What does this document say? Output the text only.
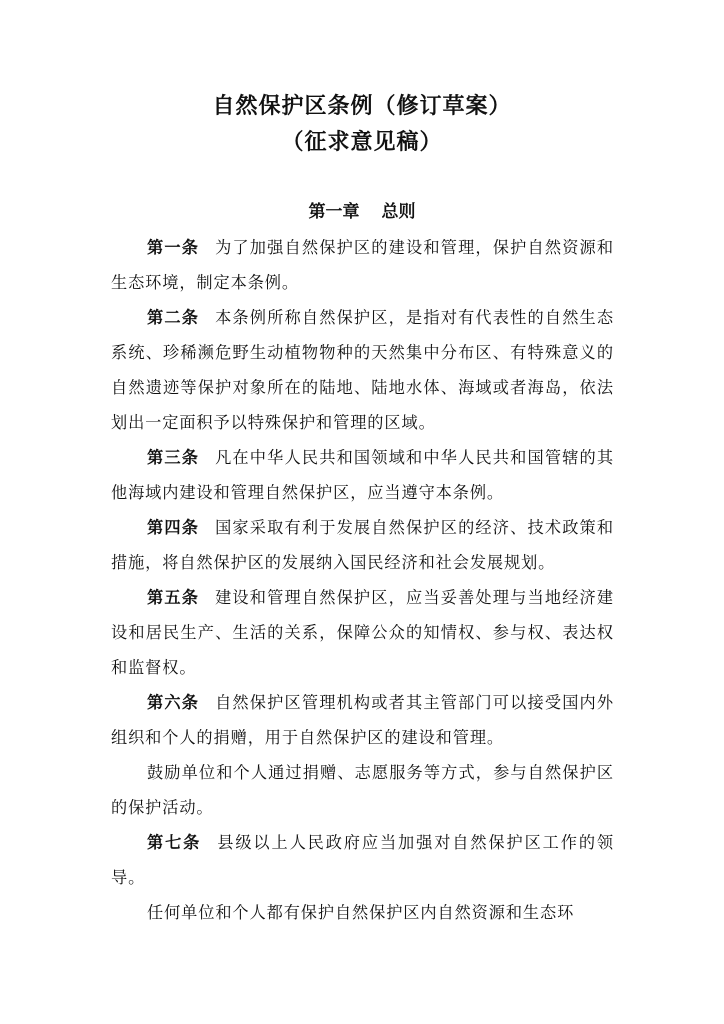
自然保护区条例（修订草案）
（征求意见稿）
第一章 总则

第一条 为了加强自然保护区的建设和管理，保护自然资源和生态环境，制定本条例。

第二条 本条例所称自然保护区，是指对有代表性的自然生态系统、珍稀濒危野生动植物物种的天然集中分布区、有特殊意义的自然遗迹等保护对象所在的陆地、陆地水体、海域或者海岛，依法划出一定面积予以特殊保护和管理的区域。

第三条 凡在中华人民共和国领域和中华人民共和国管辖的其他海域内建设和管理自然保护区，应当遵守本条例。

第四条 国家采取有利于发展自然保护区的经济、技术政策和措施，将自然保护区的发展纳入国民经济和社会发展规划。

第五条 建设和管理自然保护区，应当妥善处理与当地经济建设和居民生产、生活的关系，保障公众的知情权、参与权、表达权和监督权。

第六条 自然保护区管理机构或者其主管部门可以接受国内外组织和个人的捐赠，用于自然保护区的建设和管理。

鼓励单位和个人通过捐赠、志愿服务等方式，参与自然保护区的保护活动。

第七条 县级以上人民政府应当加强对自然保护区工作的领导。

任何单位和个人都有保护自然保护区内自然资源和生态环
